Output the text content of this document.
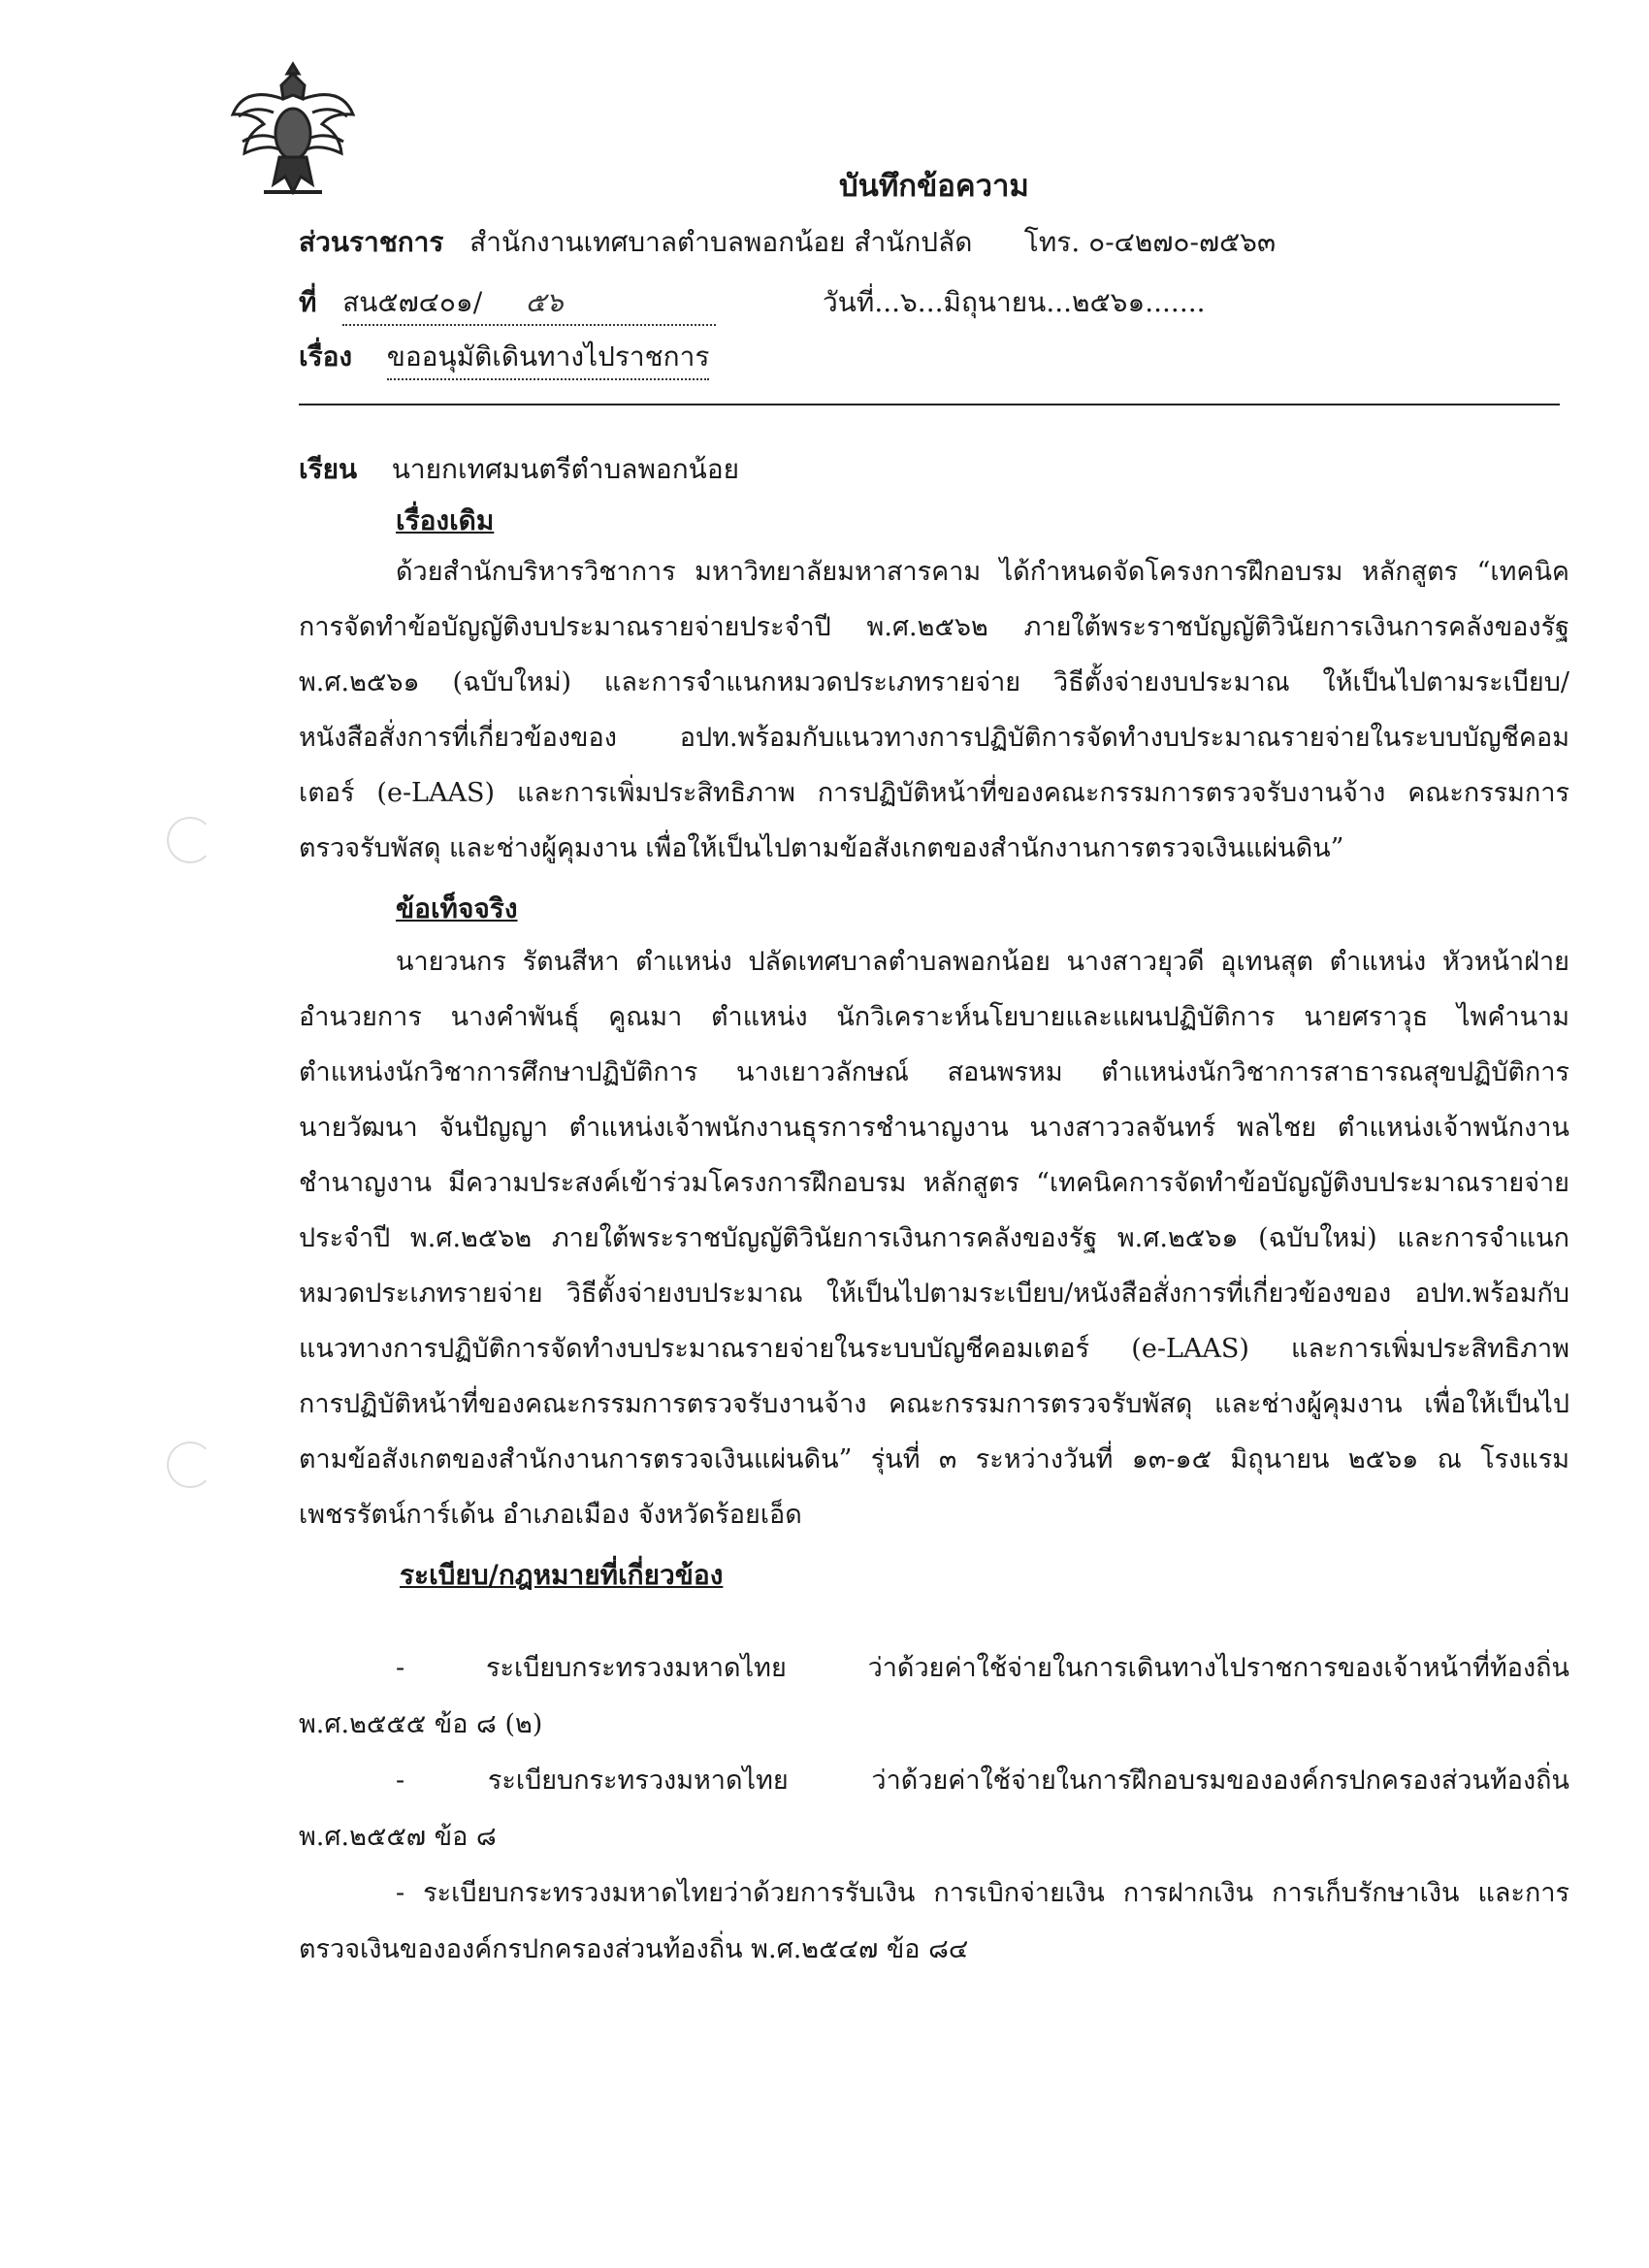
บันทึกข้อความ
ส่วนราชการ สำนักงานเทศบาลตำบลพอกน้อย สำนักปลัด โทร. ๐-๔๒๗๐-๗๕๖๓
ที่ สน๕๗๔๐๑/ ๕๖	วันที่...๖...มิถุนายน...๒๕๖๑.......
เรื่อง ขออนุมัติเดินทางไปราชการ
เรียน นายกเทศมนตรีตำบลพอกน้อย
เรื่องเดิม
ด้วยสำนักบริหารวิชาการ มหาวิทยาลัยมหาสารคาม ได้กำหนดจัดโครงการฝึกอบรม หลักสูตร “เทคนิค
การจัดทำข้อบัญญัติงบประมาณรายจ่ายประจำปี พ.ศ.๒๕๖๒ ภายใต้พระราชบัญญัติวินัยการเงินการคลังของรัฐ
พ.ศ.๒๕๖๑ (ฉบับใหม่) และการจำแนกหมวดประเภทรายจ่าย วิธีตั้งจ่ายงบประมาณ ให้เป็นไปตามระเบียบ/
หนังสือสั่งการที่เกี่ยวข้องของ อปท.พร้อมกับแนวทางการปฏิบัติการจัดทำงบประมาณรายจ่ายในระบบบัญชีคอม
เตอร์ (e-LAAS) และการเพิ่มประสิทธิภาพ การปฏิบัติหน้าที่ของคณะกรรมการตรวจรับงานจ้าง คณะกรรมการ
ตรวจรับพัสดุ และช่างผู้คุมงาน เพื่อให้เป็นไปตามข้อสังเกตของสำนักงานการตรวจเงินแผ่นดิน”
ข้อเท็จจริง
นายวนกร รัตนสีหา ตำแหน่ง ปลัดเทศบาลตำบลพอกน้อย นางสาวยุวดี อุเทนสุต ตำแหน่ง หัวหน้าฝ่าย
อำนวยการ นางคำพันธุ์ คูณมา ตำแหน่ง นักวิเคราะห์นโยบายและแผนปฏิบัติการ นายศราวุธ ไพคำนาม
ตำแหน่งนักวิชาการศึกษาปฏิบัติการ นางเยาวลักษณ์ สอนพรหม ตำแหน่งนักวิชาการสาธารณสุขปฏิบัติการ
นายวัฒนา จันปัญญา ตำแหน่งเจ้าพนักงานธุรการชำนาญงาน นางสาววลจันทร์ พลไชย ตำแหน่งเจ้าพนักงาน
ชำนาญงาน มีความประสงค์เข้าร่วมโครงการฝึกอบรม หลักสูตร “เทคนิคการจัดทำข้อบัญญัติงบประมาณรายจ่าย
ประจำปี พ.ศ.๒๕๖๒ ภายใต้พระราชบัญญัติวินัยการเงินการคลังของรัฐ พ.ศ.๒๕๖๑ (ฉบับใหม่) และการจำแนก
หมวดประเภทรายจ่าย วิธีตั้งจ่ายงบประมาณ ให้เป็นไปตามระเบียบ/หนังสือสั่งการที่เกี่ยวข้องของ อปท.พร้อมกับ
แนวทางการปฏิบัติการจัดทำงบประมาณรายจ่ายในระบบบัญชีคอมเตอร์ (e-LAAS) และการเพิ่มประสิทธิภาพ
การปฏิบัติหน้าที่ของคณะกรรมการตรวจรับงานจ้าง คณะกรรมการตรวจรับพัสดุ และช่างผู้คุมงาน เพื่อให้เป็นไป
ตามข้อสังเกตของสำนักงานการตรวจเงินแผ่นดิน” รุ่นที่ ๓ ระหว่างวันที่ ๑๓-๑๕ มิถุนายน ๒๕๖๑ ณ โรงแรม
เพชรรัตน์การ์เด้น อำเภอเมือง จังหวัดร้อยเอ็ด
ระเบียบ/กฎหมายที่เกี่ยวข้อง
- ระเบียบกระทรวงมหาดไทย ว่าด้วยค่าใช้จ่ายในการเดินทางไปราชการของเจ้าหน้าที่ท้องถิ่น
พ.ศ.๒๕๕๕ ข้อ ๘ (๒)
- ระเบียบกระทรวงมหาดไทย ว่าด้วยค่าใช้จ่ายในการฝึกอบรมขององค์กรปกครองส่วนท้องถิ่น
พ.ศ.๒๕๕๗ ข้อ ๘
- ระเบียบกระทรวงมหาดไทยว่าด้วยการรับเงิน การเบิกจ่ายเงิน การฝากเงิน การเก็บรักษาเงิน และการ
ตรวจเงินขององค์กรปกครองส่วนท้องถิ่น พ.ศ.๒๕๔๗ ข้อ ๘๔
